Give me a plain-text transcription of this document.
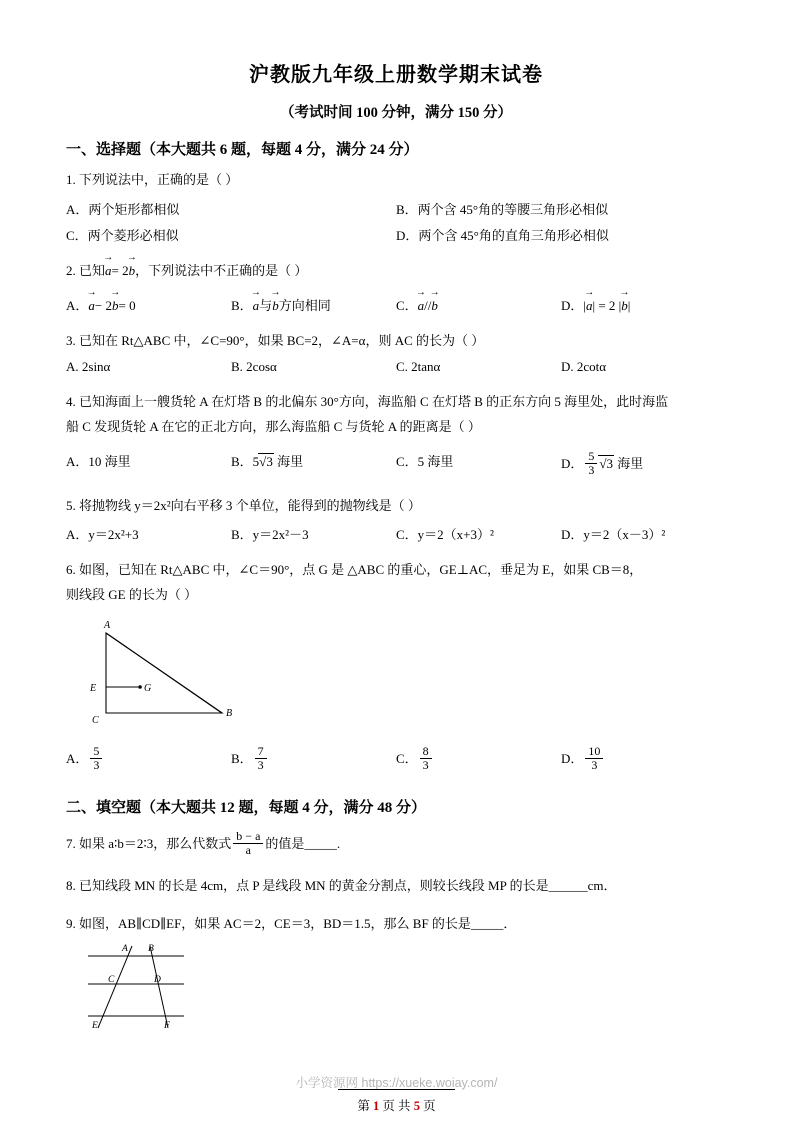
沪教版九年级上册数学期末试卷
（考试时间 100 分钟，满分 150 分）
一、选择题（本大题共 6 题，每题 4 分，满分 24 分）
1. 下列说法中，正确的是（ ）
A．两个矩形都相似	B．两个含 45°角的等腰三角形必相似
C．两个菱形必相似	D．两个含 45°角的直角三角形必相似
2. 已知a →= 2b →，下列说法中不正确的是（ ）
A．a →− 2b →= 0	B．a →与b →方向相同	C．a →//b →	D．|a →| = 2 |b →|
3. 已知在 Rt△ABC 中，∠C=90°，如果 BC=2，∠A=α，则 AC 的长为（ ）
A. 2sinα	B. 2cosα	C. 2tanα	D. 2cotα
4. 已知海面上一艘货轮 A 在灯塔 B 的北偏东 30°方向，海监船 C 在灯塔 B 的正东方向 5 海里处，此时海监
船 C 发现货轮 A 在它的正北方向，那么海监船 C 与货轮 A 的距离是（ ）
A．10 海里	B．5√3 海里	C．5 海里	D． $\frac{5}{3} √3$ 海里
5. 将抛物线 y＝2x²向右平移 3 个单位，能得到的抛物线是（ ）
A．y＝2x²+3	B．y＝2x²－3	C．y＝2（x+3）²	D．y＝2（x－3）²
6. 如图，已知在 Rt△ABC 中，∠C＝90°，点 G 是 △ABC 的重心，GE⊥AC，垂足为 E，如果 CB＝8，
则线段 GE 的长为（ ）
A
B
C
E	G
A． $\frac{5}{3}$	B． $\frac{7}{3}$	C． $\frac{8}{3}$	D． $\frac{10}{3}$
二、填空题（本大题共 12 题，每题 4 分，满分 48 分）
7. 如果 a∶b＝2∶3，那么代数式 $\frac{b - a}{a}$ 的值是_____.
8. 已知线段 MN 的长是 4cm，点 P 是线段 MN 的黄金分割点，则较长线段 MP 的长是______cm．
9. 如图，AB∥CD∥EF，如果 AC＝2，CE＝3，BD＝1.5，那么 BF 的长是_____．
A B
C	D
E	F
小学资源网 https://xueke.woiay.com/
第 1 页 共 5 页
